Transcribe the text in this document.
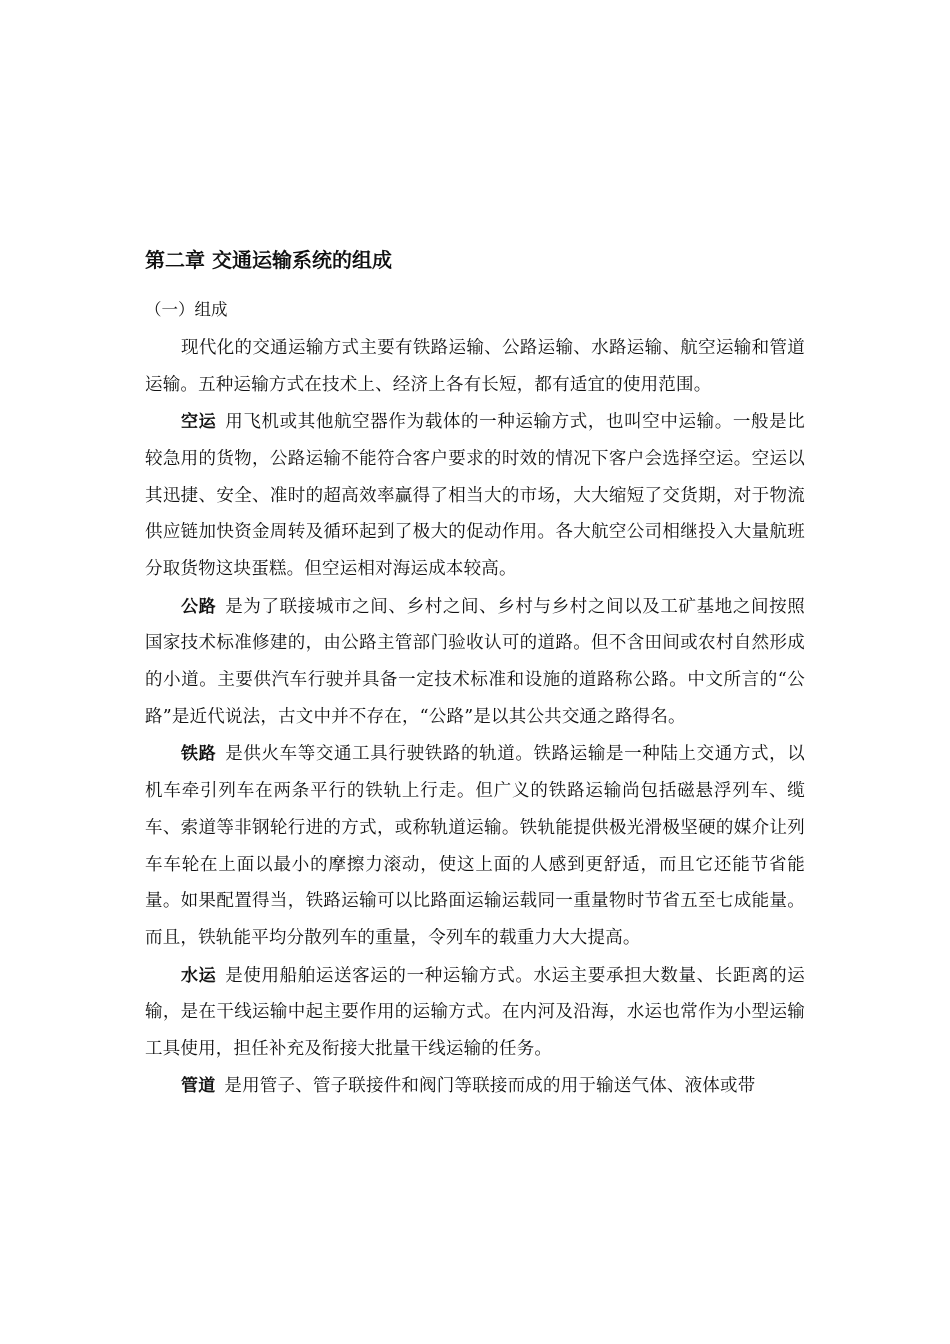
第二章 交通运输系统的组成

（一）组成

现代化的交通运输方式主要有铁路运输、公路运输、水路运输、航空运输和管道运输。五种运输方式在技术上、经济上各有长短，都有适宜的使用范围。

空运 用飞机或其他航空器作为载体的一种运输方式，也叫空中运输。一般是比较急用的货物，公路运输不能符合客户要求的时效的情况下客户会选择空运。空运以其迅捷、安全、准时的超高效率赢得了相当大的市场，大大缩短了交货期，对于物流供应链加快资金周转及循环起到了极大的促动作用。各大航空公司相继投入大量航班分取货物这块蛋糕。但空运相对海运成本较高。

公路 是为了联接城市之间、乡村之间、乡村与乡村之间以及工矿基地之间按照国家技术标准修建的，由公路主管部门验收认可的道路。但不含田间或农村自然形成的小道。主要供汽车行驶并具备一定技术标准和设施的道路称公路。中文所言的“公路”是近代说法，古文中并不存在，“公路”是以其公共交通之路得名。

铁路 是供火车等交通工具行驶铁路的轨道。铁路运输是一种陆上交通方式，以机车牵引列车在两条平行的铁轨上行走。但广义的铁路运输尚包括磁悬浮列车、缆车、索道等非钢轮行进的方式，或称轨道运输。铁轨能提供极光滑极坚硬的媒介让列车车轮在上面以最小的摩擦力滚动，使这上面的人感到更舒适，而且它还能节省能量。如果配置得当，铁路运输可以比路面运输运载同一重量物时节省五至七成能量。而且，铁轨能平均分散列车的重量，令列车的载重力大大提高。

水运 是使用船舶运送客运的一种运输方式。水运主要承担大数量、长距离的运输，是在干线运输中起主要作用的运输方式。在内河及沿海，水运也常作为小型运输工具使用，担任补充及衔接大批量干线运输的任务。

管道 是用管子、管子联接件和阀门等联接而成的用于输送气体、液体或带
